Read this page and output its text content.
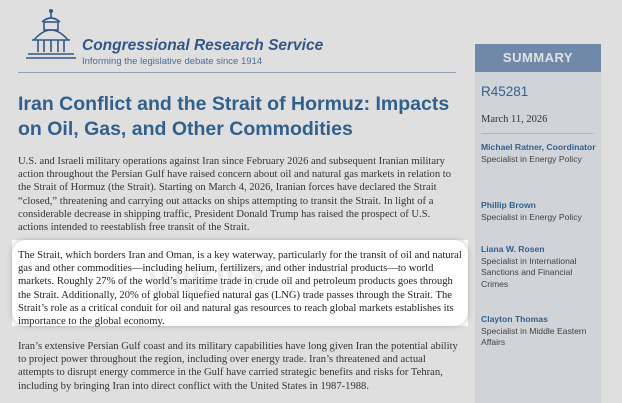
Congressional Research Service
Informing the legislative debate since 1914
Iran Conflict and the Strait of Hormuz: Impacts on Oil, Gas, and Other Commodities

U.S. and Israeli military operations against Iran since February 2026 and subsequent Iranian military action throughout the Persian Gulf have raised concern about oil and natural gas markets in relation to the Strait of Hormuz (the Strait). Starting on March 4, 2026, Iranian forces have declared the Strait “closed,” threatening and carrying out attacks on ships attempting to transit the Strait. In light of a considerable decrease in shipping traffic, President Donald Trump has raised the prospect of U.S. actions intended to reestablish free transit of the Strait.

The Strait, which borders Iran and Oman, is a key waterway, particularly for the transit of oil and natural gas and other commodities—including helium, fertilizers, and other industrial products—to world markets. Roughly 27% of the world’s maritime trade in crude oil and petroleum products goes through the Strait. Additionally, 20% of global liquefied natural gas (LNG) trade passes through the Strait. The Strait’s role as a critical conduit for oil and natural gas resources to reach global markets establishes its importance to the global economy.

Iran’s extensive Persian Gulf coast and its military capabilities have long given Iran the potential ability to project power throughout the region, including over energy trade. Iran’s threatened and actual attempts to disrupt energy commerce in the Gulf have carried strategic benefits and risks for Tehran, including by bringing Iran into direct conflict with the United States in 1987-1988.

WIKIFX
SUMMARY
R45281
March 11, 2026
Michael Ratner, Coordinator
Specialist in Energy Policy
Phillip Brown
Specialist in Energy Policy
Liana W. Rosen
Specialist in International Sanctions and Financial Crimes
Clayton Thomas
Specialist in Middle Eastern Affairs
